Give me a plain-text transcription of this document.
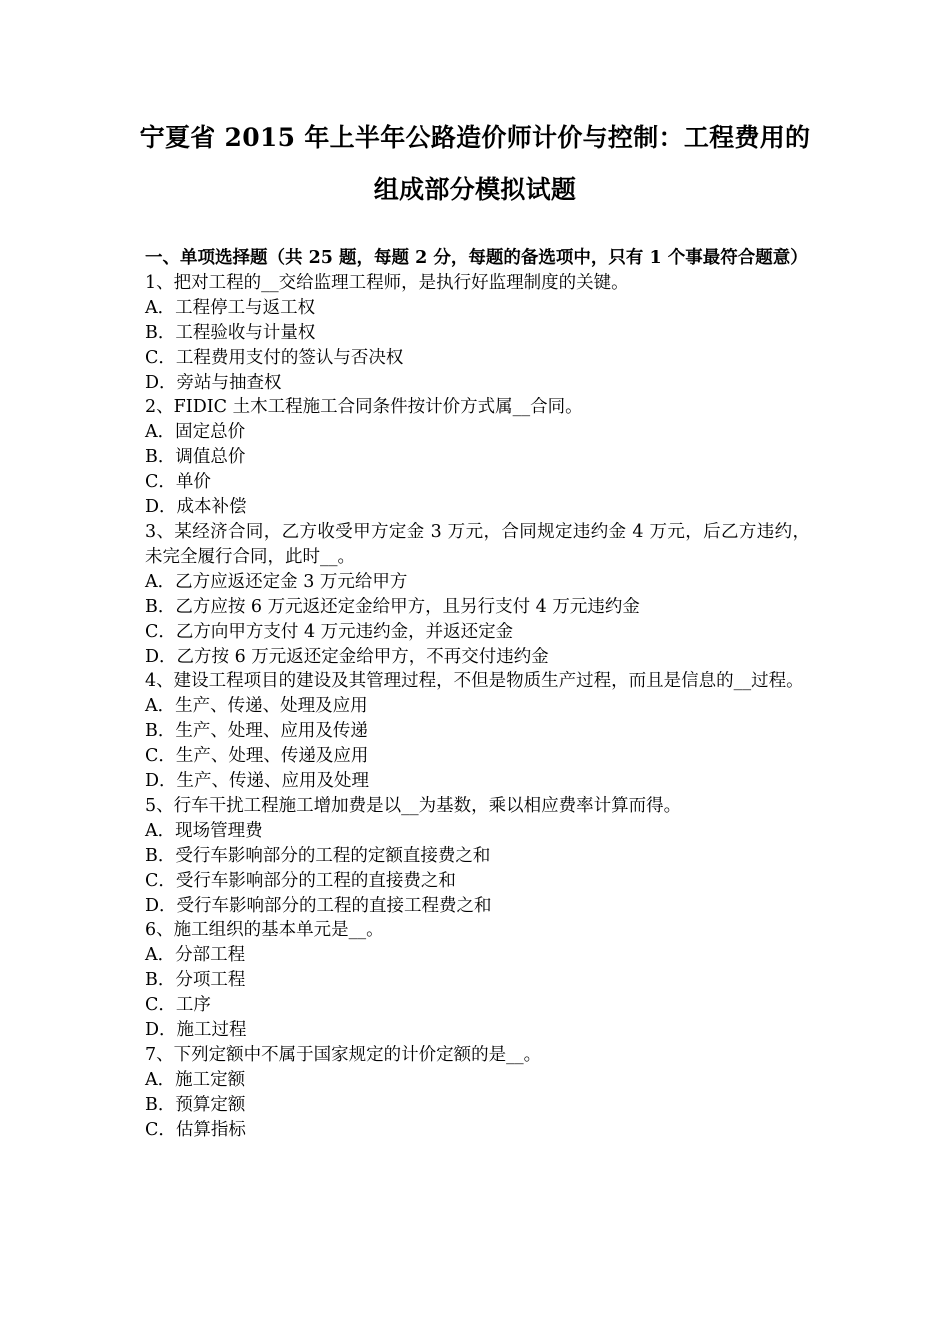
宁夏省 2015 年上半年公路造价师计价与控制：工程费用的
组成部分模拟试题
一、单项选择题（共 25 题，每题 2 分，每题的备选项中，只有 1 个事最符合题意）
1、把对工程的__交给监理工程师，是执行好监理制度的关键。
A．工程停工与返工权
B．工程验收与计量权
C．工程费用支付的签认与否决权
D．旁站与抽查权
2、FIDIC 土木工程施工合同条件按计价方式属__合同。
A．固定总价
B．调值总价
C．单价
D．成本补偿
3、某经济合同，乙方收受甲方定金 3 万元，合同规定违约金 4 万元，后乙方违约，未完全履行合同，此时__。
A．乙方应返还定金 3 万元给甲方
B．乙方应按 6 万元返还定金给甲方，且另行支付 4 万元违约金
C．乙方向甲方支付 4 万元违约金，并返还定金
D．乙方按 6 万元返还定金给甲方，不再交付违约金
4、建设工程项目的建设及其管理过程，不但是物质生产过程，而且是信息的__过程。
A．生产、传递、处理及应用
B．生产、处理、应用及传递
C．生产、处理、传递及应用
D．生产、传递、应用及处理
5、行车干扰工程施工增加费是以__为基数，乘以相应费率计算而得。
A．现场管理费
B．受行车影响部分的工程的定额直接费之和
C．受行车影响部分的工程的直接费之和
D．受行车影响部分的工程的直接工程费之和
6、施工组织的基本单元是__。
A．分部工程
B．分项工程
C．工序
D．施工过程
7、下列定额中不属于国家规定的计价定额的是__。
A．施工定额
B．预算定额
C．估算指标
